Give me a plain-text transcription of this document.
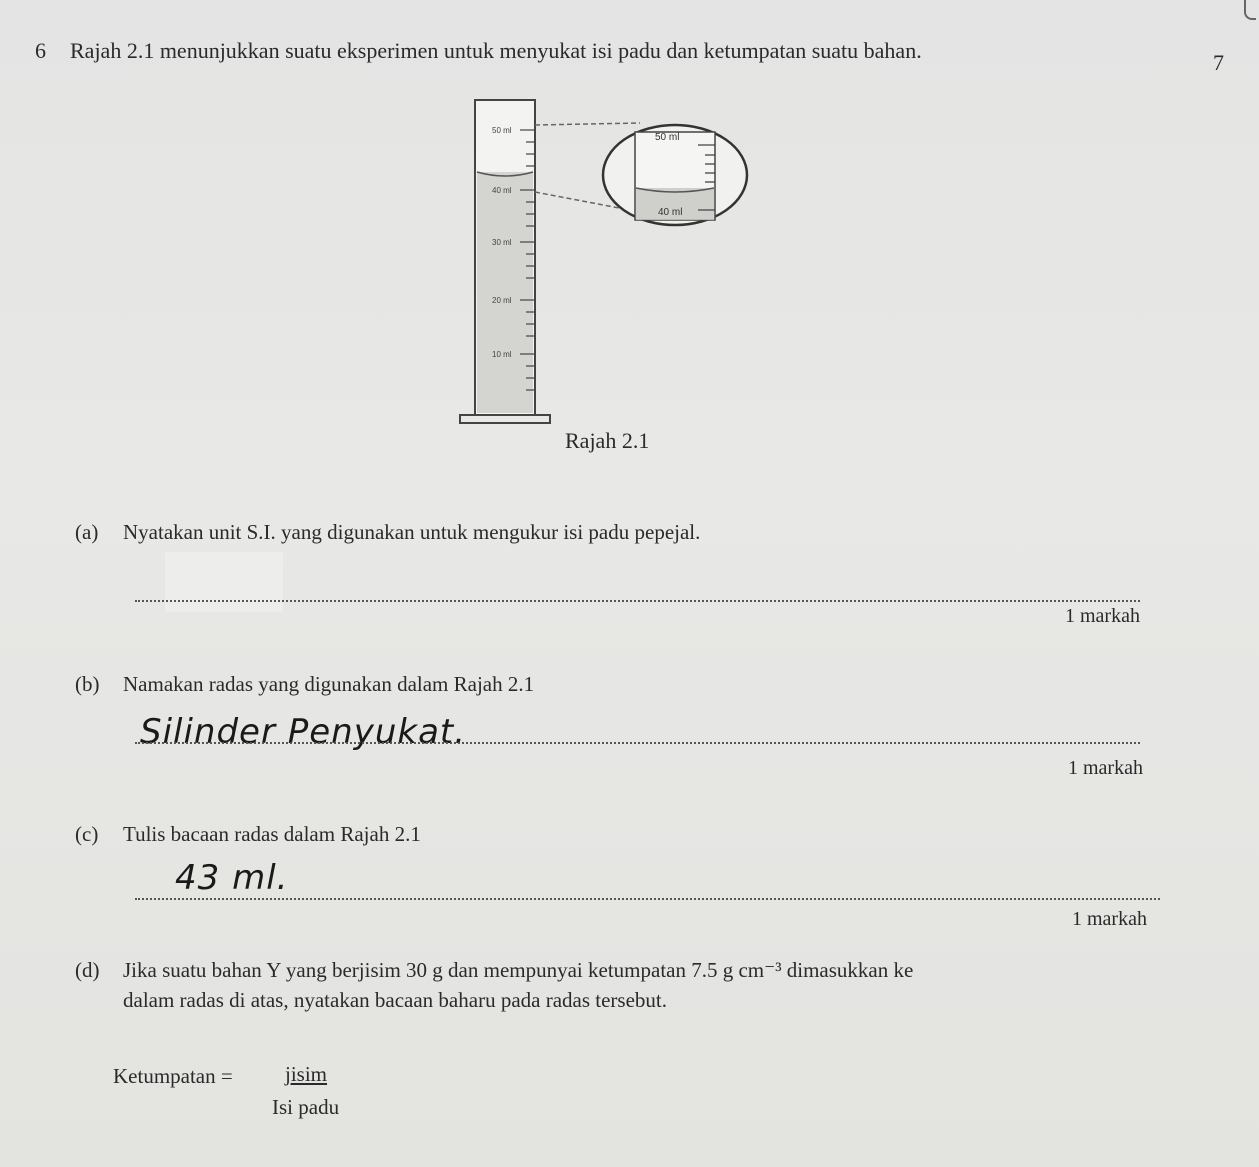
6 Rajah 2.1 menunjukkan suatu eksperimen untuk menyukat isi padu dan ketumpatan suatu bahan.	7
50 ml
40 ml
30 ml
20 ml
10 ml
50 ml
40 ml
Rajah 2.1
(a) Nyatakan unit S.I. yang digunakan untuk mengukur isi padu pepejal.
1 markah
(b) Namakan radas yang digunakan dalam Rajah 2.1
Silinder Penyukat.
1 markah
(c) Tulis bacaan radas dalam Rajah 2.1
43 ml.
1 markah
(d) Jika suatu bahan Y yang berjisim 30 g dan mempunyai ketumpatan 7.5 g cm⁻³ dimasukkan ke
dalam radas di atas, nyatakan bacaan baharu pada radas tersebut.
Ketumpatan = jisim
Isi padu
